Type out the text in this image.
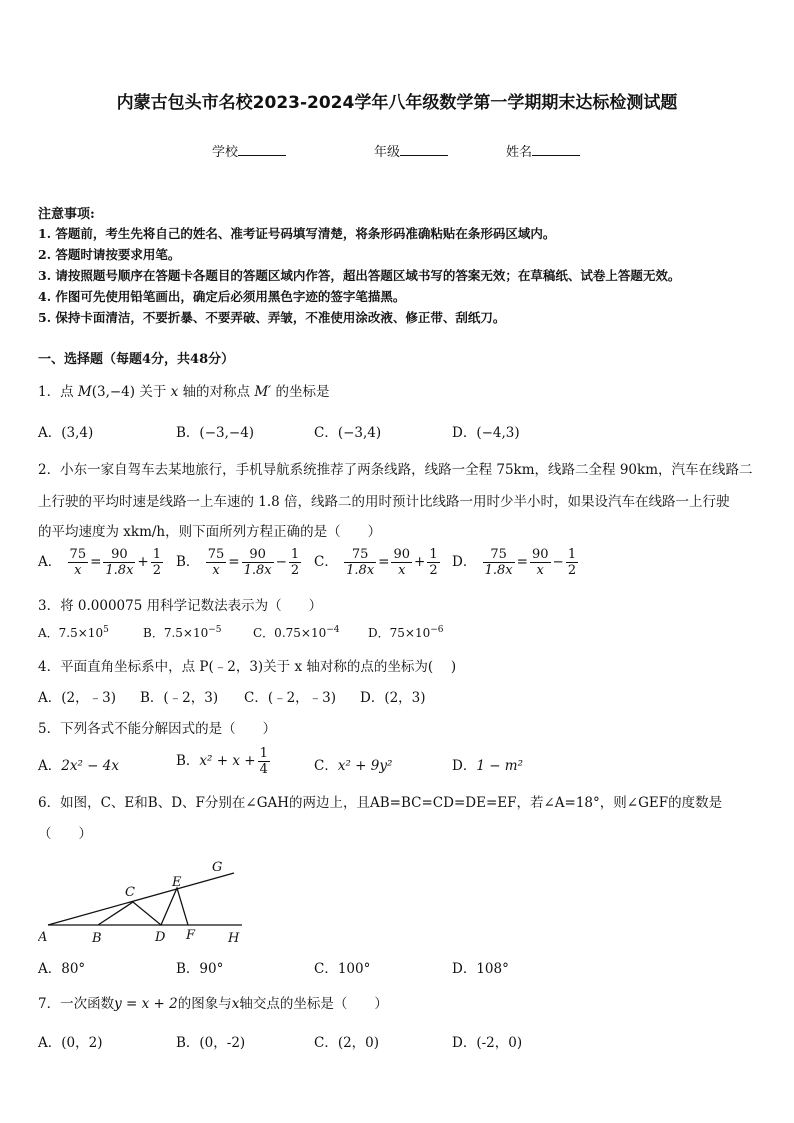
内蒙古包头市名校2023-2024学年八年级数学第一学期期末达标检测试题
学校	年级	姓名
注意事项:
1. 答题前，考生先将自己的姓名、准考证号码填写清楚，将条形码准确粘贴在条形码区域内。
2. 答题时请按要求用笔。
3. 请按照题号顺序在答题卡各题目的答题区域内作答，超出答题区域书写的答案无效；在草稿纸、试卷上答题无效。
4. 作图可先使用铅笔画出，确定后必须用黑色字迹的签字笔描黑。
5. 保持卡面清洁，不要折暴、不要弄破、弄皱，不准使用涂改液、修正带、刮纸刀。
一、选择题（每题4分，共48分）
1．点 M(3,−4) 关于 x 轴的对称点 M′ 的坐标是
A．(3,4)	B．(−3,−4)	C．(−3,4)	D．(−4,3)
2．小东一家自驾车去某地旅行，手机导航系统推荐了两条线路，线路一全程 75km，线路二全程 90km，汽车在线路二
上行驶的平均时速是线路一上车速的 1.8 倍，线路二的用时预计比线路一用时少半小时，如果设汽车在线路一上行驶
的平均速度为 xkm/h，则下面所列方程正确的是（　　）
A． $\frac{75}{x} = \frac{90}{1.8x} + \frac{1}{2}$ B． $\frac{75}{x} = \frac{90}{1.8x} - \frac{1}{2}$ C． $\frac{75}{1.8x} = \frac{90}{x} + \frac{1}{2}$ D． $\frac{75}{1.8x} = \frac{90}{x} - \frac{1}{2}$
3．将 0.000075 用科学记数法表示为（　　）
A．$7.5\times 10^5$	B．$7.5\times 10^{-5}$	C．$0.75\times 10^{-4}$ D．$75\times 10^{-6}$
4．平面直角坐标系中，点 P(﹣2，3)关于 x 轴对称的点的坐标为(　 )
A．(2，﹣3) B．(﹣2，3) C．(﹣2，﹣3) D．(2，3)
5．下列各式不能分解因式的是（　　）
A．2x² − 4x	B．$x^2 + x + \frac{1}{4}$	C．x² + 9y²	D．1 − m²
6．如图，C、E和B、D、F分别在∠GAH的两边上，且AB=BC=CD=DE=EF，若∠A=18°，则∠GEF的度数是
（　　）
A	B
C
D
E
F
G
H
A．80°	B．90°	C．100°	D．108°
7．一次函数y = x + 2的图象与x轴交点的坐标是（　　）
A．(0，2)	B．(0，-2)	C．(2，0)	D．(-2，0)
